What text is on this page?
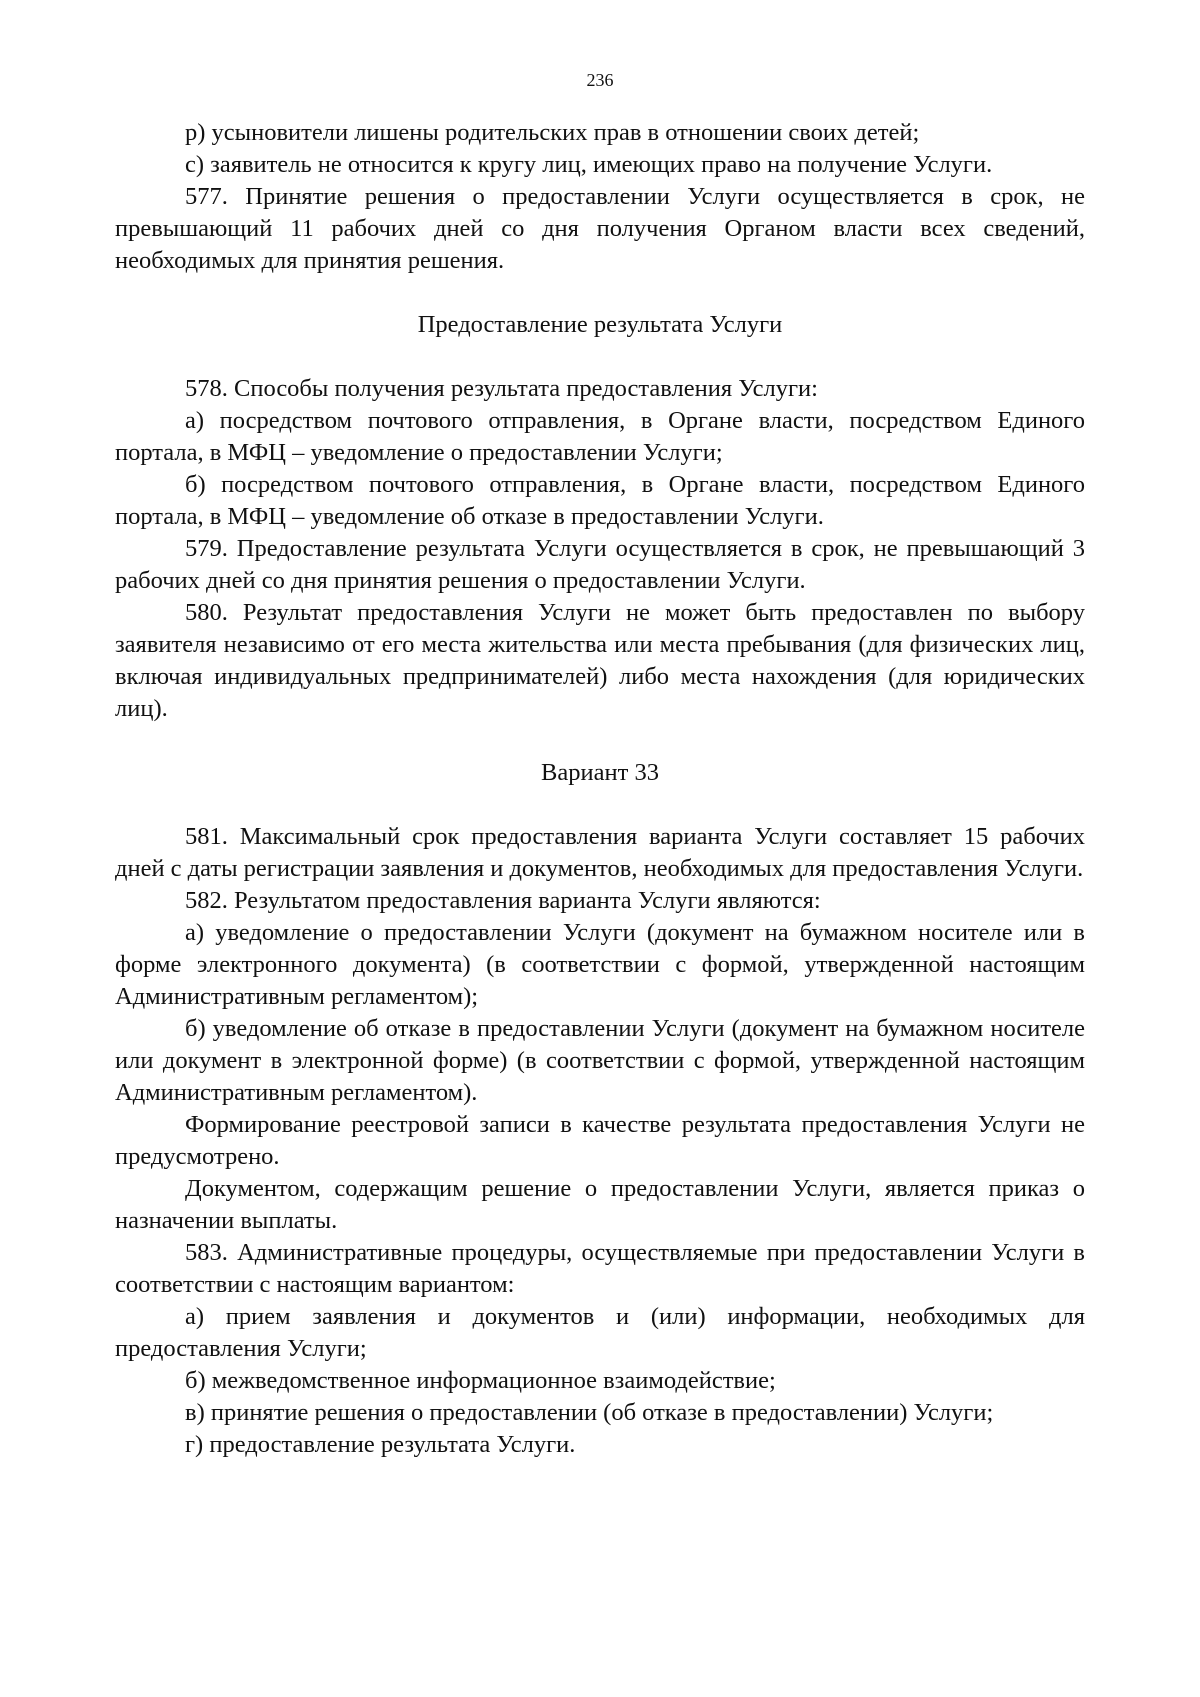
236

р) усыновители лишены родительских прав в отношении своих детей;

с) заявитель не относится к кругу лиц, имеющих право на получение Услуги.

577. Принятие решения о предоставлении Услуги осуществляется в срок, не превышающий 11 рабочих дней со дня получения Органом власти всех сведений, необходимых для принятия решения.

Предоставление результата Услуги

578. Способы получения результата предоставления Услуги:

а) посредством почтового отправления, в Органе власти, посредством Единого портала, в МФЦ – уведомление о предоставлении Услуги;

б) посредством почтового отправления, в Органе власти, посредством Единого портала, в МФЦ – уведомление об отказе в предоставлении Услуги.

579. Предоставление результата Услуги осуществляется в срок, не превышающий 3 рабочих дней со дня принятия решения о предоставлении Услуги.

580. Результат предоставления Услуги не может быть предоставлен по выбору заявителя независимо от его места жительства или места пребывания (для физических лиц, включая индивидуальных предпринимателей) либо места нахождения (для юридических лиц).

Вариант 33

581. Максимальный срок предоставления варианта Услуги составляет 15 рабочих дней с даты регистрации заявления и документов, необходимых для предоставления Услуги.

582. Результатом предоставления варианта Услуги являются:

а) уведомление о предоставлении Услуги (документ на бумажном носителе или в форме электронного документа) (в соответствии с формой, утвержденной настоящим Административным регламентом);

б) уведомление об отказе в предоставлении Услуги (документ на бумажном носителе или документ в электронной форме) (в соответствии с формой, утвержденной настоящим Административным регламентом).

Формирование реестровой записи в качестве результата предоставления Услуги не предусмотрено.

Документом, содержащим решение о предоставлении Услуги, является приказ о назначении выплаты.

583. Административные процедуры, осуществляемые при предоставлении Услуги в соответствии с настоящим вариантом:

а) прием заявления и документов и (или) информации, необходимых для предоставления Услуги;

б) межведомственное информационное взаимодействие;

в) принятие решения о предоставлении (об отказе в предоставлении) Услуги;

г) предоставление результата Услуги.
